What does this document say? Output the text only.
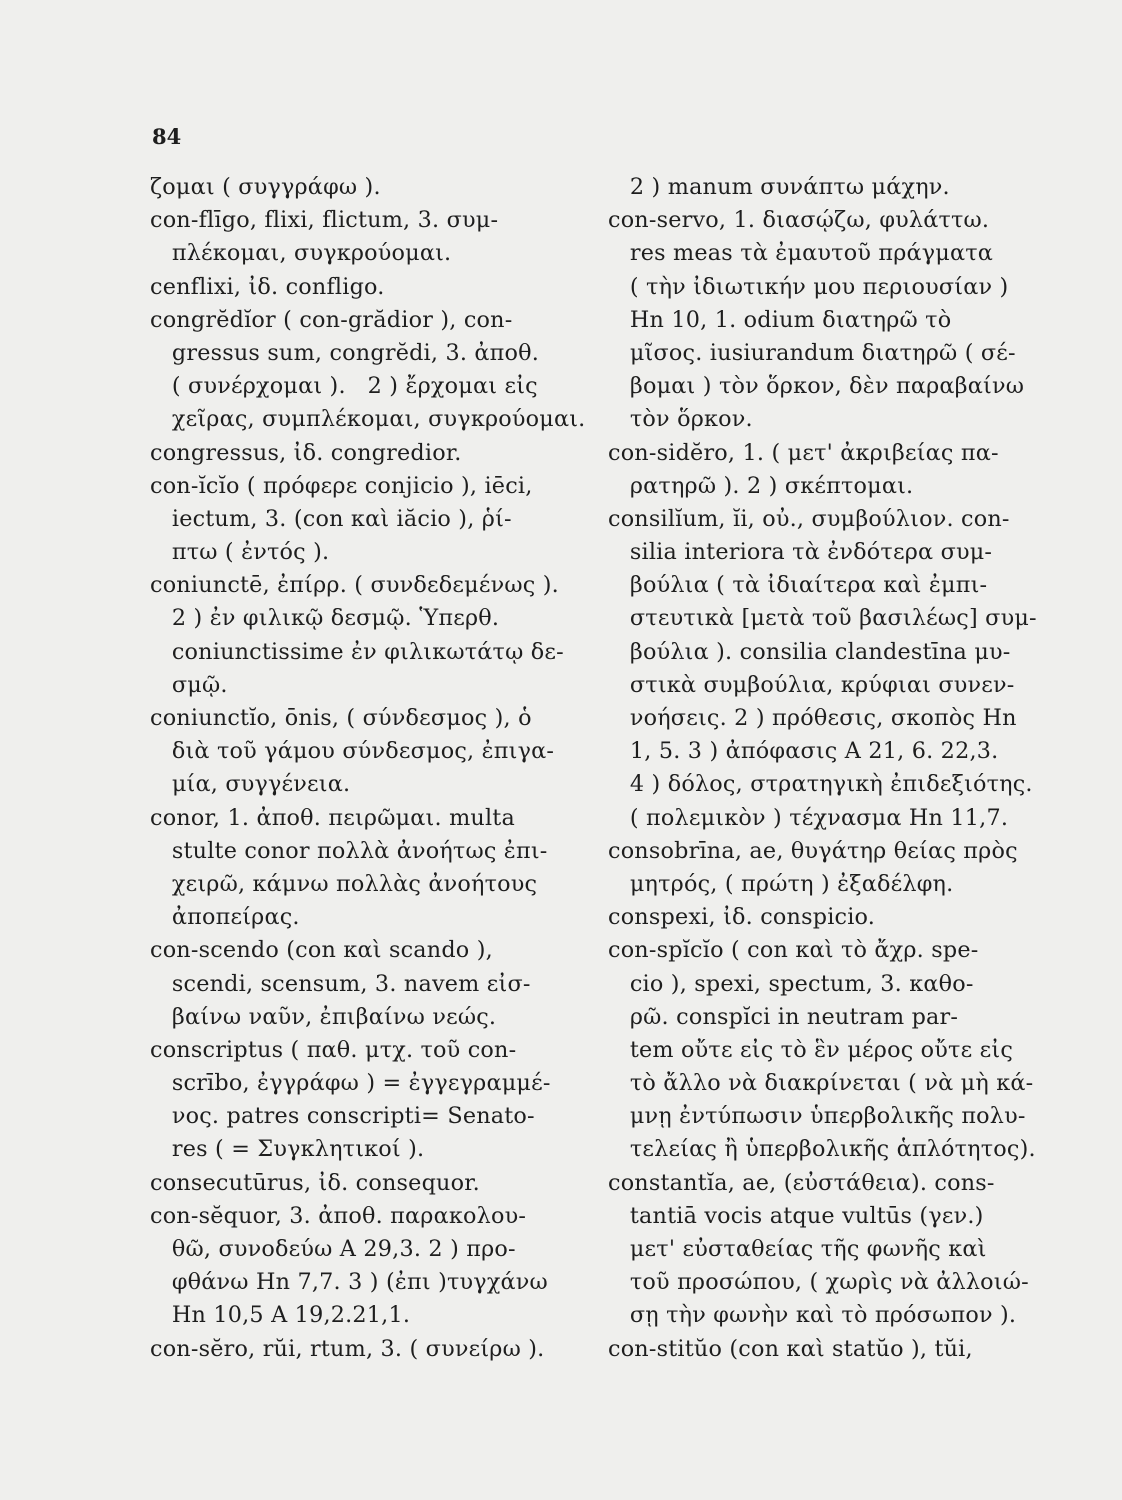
84
ζομαι ( συγγράφω ).
con-flīgo, flixi, flictum, 3. συμ-
πλέκομαι, συγκρούομαι.
cenflixi, ἰδ. confligo.
congrĕdĭor ( con-grădior ), con-
gressus sum, congrĕdi, 3. ἀποθ.
( συνέρχομαι ).   2 ) ἔρχομαι εἰς
χεῖρας, συμπλέκομαι, συγκρούομαι.
congressus, ἰδ. congredior.
con-ĭcĭo ( πρόφερε conjicio ), iēci,
iectum, 3. (con καὶ iăcio ), ῥί-
πτω ( ἐντός ).
coniunctē, ἐπίρρ. ( συνδεδεμένως ).
2 ) ἐν φιλικῷ δεσμῷ. Ὑπερθ.
coniunctissime ἐν φιλικωτάτῳ δε-
σμῷ.
coniunctĭo, ōnis, ( σύνδεσμος ), ὁ
διὰ τοῦ γάμου σύνδεσμος, ἐπιγα-
μία, συγγένεια.
conor, 1. ἀποθ. πειρῶμαι. multa
stulte conor πολλὰ ἀνοήτως ἐπι-
χειρῶ, κάμνω πολλὰς ἀνοήτους
ἀποπείρας.
con-scendo (con καὶ scando ),
scendi, scensum, 3. navem εἰσ-
βαίνω ναῦν, ἐπιβαίνω νεώς.
conscriptus ( παθ. μτχ. τοῦ con-
scrībo, ἐγγράφω ) = ἐγγεγραμμέ-
νος. patres conscripti= Senato-
res ( = Συγκλητικοί ).
consecutūrus, ἰδ. consequor.
con-sĕquor, 3. ἀποθ. παρακολου-
θῶ, συνοδεύω Α 29,3. 2 ) προ-
φθάνω Ηn 7,7. 3 ) (ἐπι )τυγχάνω
Ηn 10,5 Α 19,2.21,1.
con-sĕro, rŭi, rtum, 3. ( συνείρω ).
2 ) manum συνάπτω μάχην.
con-servo, 1. διασῴζω, φυλάττω.
res meas τὰ ἐμαυτοῦ πράγματα
( τὴν ἰδιωτικήν μου περιουσίαν )
Hn 10, 1. odium διατηρῶ τὸ
μῖσος. iusiurandum διατηρῶ ( σέ-
βομαι ) τὸν ὅρκον, δὲν παραβαίνω
τὸν ὅρκον.
con-sidĕro, 1. ( μετ' ἀκριβείας πα-
ρατηρῶ ). 2 ) σκέπτομαι.
consilĭum, ĭi, οὐ., συμβούλιον. con-
silia interiora τὰ ἐνδότερα συμ-
βούλια ( τὰ ἰδιαίτερα καὶ ἐμπι-
στευτικὰ [μετὰ τοῦ βασιλέως] συμ-
βούλια ). consilia clandestīna μυ-
στικὰ συμβούλια, κρύφιαι συνεν-
νοήσεις. 2 ) πρόθεσις, σκοπὸς Hn
1, 5. 3 ) ἀπόφασις Α 21, 6. 22,3.
4 ) δόλος, στρατηγικὴ ἐπιδεξιότης.
( πολεμικὸν ) τέχνασμα Hn 11,7.
consobrīna, ae, θυγάτηρ θείας πρὸς
μητρός, ( πρώτη ) ἐξαδέλφη.
conspexi, ἰδ. conspicio.
con-spĭcĭo ( con καὶ τὸ ἄχρ. spe-
cio ), spexi, spectum, 3. καθο-
ρῶ. conspĭci in neutram par-
tem οὔτε εἰς τὸ ἓν μέρος οὔτε εἰς
τὸ ἄλλο νὰ διακρίνεται ( νὰ μὴ κά-
μνῃ ἐντύπωσιν ὑπερβολικῆς πολυ-
τελείας ἢ ὑπερβολικῆς ἁπλότητος).
constantĭa, ae, (εὐστάθεια). cons-
tantiā vocis atque vultūs (γεν.)
μετ' εὐσταθείας τῆς φωνῆς καὶ
τοῦ προσώπου, ( χωρὶς νὰ ἀλλοιώ-
σῃ τὴν φωνὴν καὶ τὸ πρόσωπον ).
con-stitŭo (con καὶ statŭo ), tŭi,
